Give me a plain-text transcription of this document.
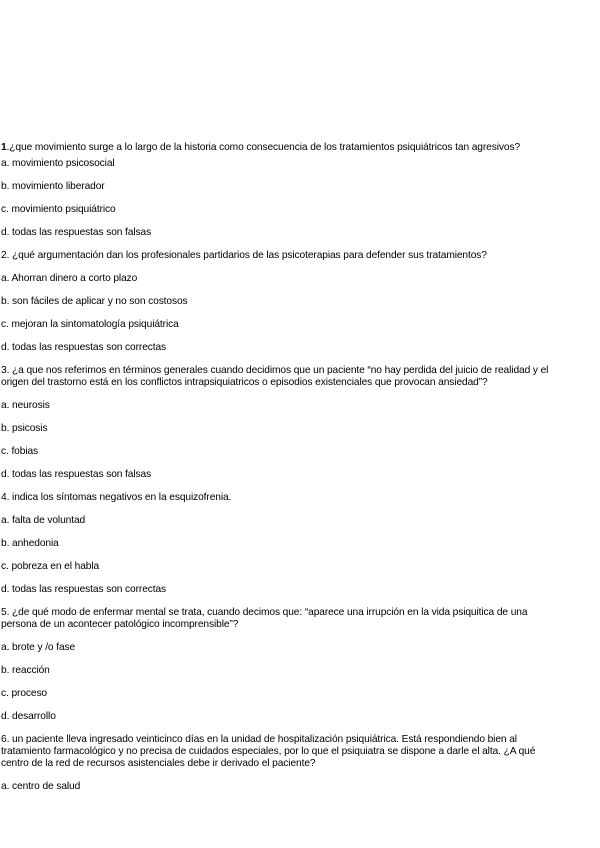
1.¿que movimiento surge a lo largo de la historia como consecuencia de los tratamientos psiquiátricos tan agresivos?

a. movimiento psicosocial

b. movimiento liberador

c. movimiento psiquiátrico

d. todas las respuestas son falsas

2. ¿qué argumentación dan los profesionales partidarios de las psicoterapias para defender sus tratamientos?

a. Ahorran dinero a corto plazo

b. son fáciles de aplicar y no son costosos

c. mejoran la sintomatología psiquiátrica

d. todas las respuestas son correctas

3. ¿a que nos referimos en términos generales cuando decidimos que un paciente “no hay perdida del juicio de realidad y el origen del trastorno está en los conflictos intrapsiquiatricos o episodios existenciales que provocan ansiedad”?

a. neurosis

b. psicosis

c. fobias

d. todas las respuestas son falsas

4. indica los síntomas negativos en la esquizofrenia.

a. falta de voluntad

b. anhedonia

c. pobreza en el habla

d. todas las respuestas son correctas

5. ¿de qué modo de enfermar mental se trata, cuando decimos que: “aparece una irrupción en la vida psiquitica de una persona de un acontecer patológico incomprensible”?

a. brote y /o fase

b. reacción

c. proceso

d. desarrollo

6. un paciente lleva ingresado veinticinco días en la unidad de hospitalización psiquiátrica. Está respondiendo bien al tratamiento farmacológico y no precisa de cuidados especiales, por lo que el psiquiatra se dispone a darle el alta. ¿A qué centro de la red de recursos asistenciales debe ir derivado el paciente?

a. centro de salud
